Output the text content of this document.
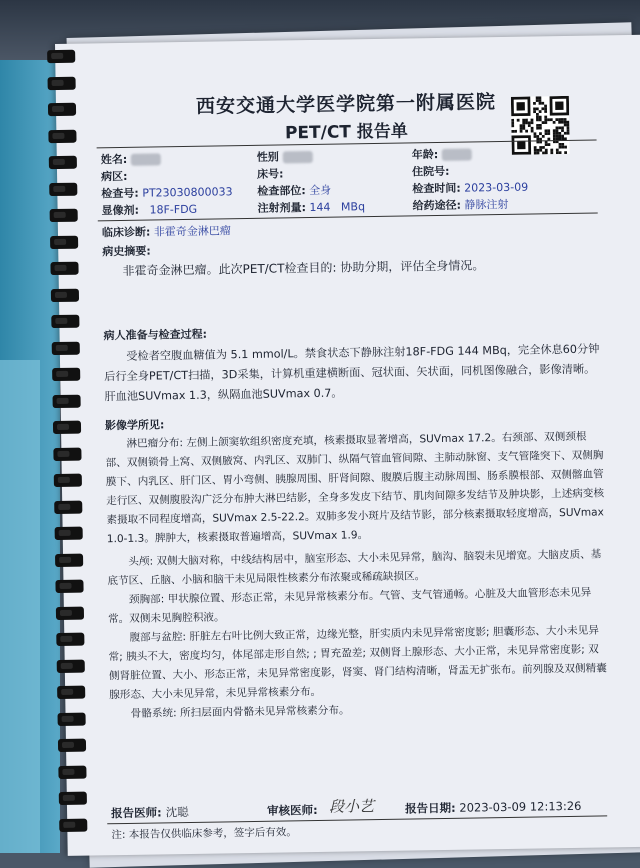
西安交通大学医学院第一附属医院
PET/CT 报告单
姓名:	性别	年龄:
病区:	床号:	住院号:
检查号: PT23030800033 检查部位: 全身	检查时间: 2023-03-09
显像剂: 18F-FDG	注射剂量: 144 MBq	给药途径: 静脉注射
临床诊断: 非霍奇金淋巴瘤
病史摘要:
非霍奇金淋巴瘤。此次PET/CT检查目的: 协助分期，评估全身情况。
病人准备与检查过程:
受检者空腹血糖值为 5.1 mmol/L。禁食状态下静脉注射18F-FDG 144 MBq，完全休息60分钟后行全身PET/CT扫描，3D采集，计算机重建横断面、冠状面、矢状面，同机图像融合，影像清晰。 肝血池SUVmax 1.3，纵隔血池SUVmax 0.7。
影像学所见:
淋巴瘤分布: 左侧上颌窦软组织密度充填，核素摄取显著增高，SUVmax 17.2。右颈部、双侧颈根部、双侧锁骨上窝、双侧腋窝、内乳区、双肺门、纵隔气管血管间隙、主肺动脉窗、支气管隆突下、双侧胸膜下、内乳区、肝门区、胃小弯侧、胰腺周围、肝肾间隙、腹膜后腹主动脉周围、肠系膜根部、双侧髂血管走行区、双侧腹股沟广泛分布肿大淋巴结影，全身多发皮下结节、肌肉间隙多发结节及肿块影，上述病变核素摄取不同程度增高，SUVmax 2.5-22.2。双肺多发小斑片及结节影，部分核素摄取轻度增高，SUVmax 1.0-1.3。脾肿大，核素摄取普遍增高，SUVmax 1.9。
头颅: 双侧大脑对称，中线结构居中，脑室形态、大小未见异常，脑沟、脑裂未见增宽。大脑皮质、基底节区、丘脑、小脑和脑干未见局限性核素分布浓聚或稀疏缺损区。
颈胸部: 甲状腺位置、形态正常，未见异常核素分布。气管、支气管通畅。心脏及大血管形态未见异常。双侧未见胸腔积液。
腹部与盆腔: 肝脏左右叶比例大致正常，边缘光整，肝实质内未见异常密度影; 胆囊形态、大小未见异常; 胰头不大，密度均匀，体尾部走形自然; ; 胃充盈差; 双侧肾上腺形态、大小正常，未见异常密度影; 双侧肾脏位置、大小、形态正常，未见异常密度影，肾窦、肾门结构清晰，肾盂无扩张布。前列腺及双侧精囊腺形态、大小未见异常，未见异常核素分布。
骨骼系统: 所扫层面内骨骼未见异常核素分布。
报告医师: 沈聪	审核医师: 段小艺	报告日期: 2023-03-09 12:13:26
注: 本报告仅供临床参考，签字后有效。
